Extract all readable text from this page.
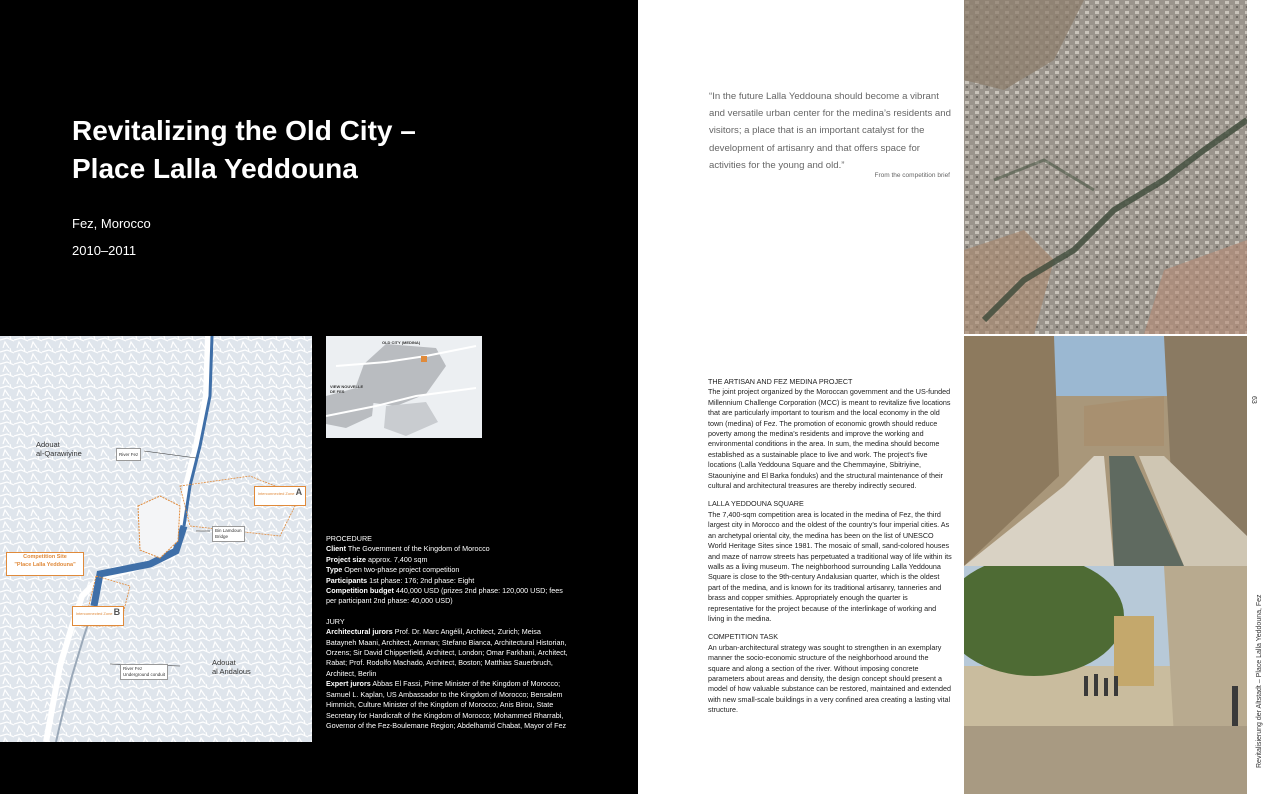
Revitalizing the Old City –
Place Lalla Yeddouna
Fez, Morocco
2010–2011
Adouat
al-Qarawiyine
Adouat
al Andalous
River Fez
Bin Lamdoun
Bridge
River Fez
Underground conduit
Interconnected Zone A
Interconnected Zone B
Competition Site
"Place Lalla Yeddouna"
OLD CITY (MEDINA)
VIEW NOUVELLE
DE FES
PROCEDURE
Client The Government of the Kingdom of Morocco
Project size approx. 7,400 sqm
Type Open two-phase project competition
Participants 1st phase: 176; 2nd phase: Eight
Competition budget 440,000 USD (prizes 2nd phase: 120,000 USD; fees per participant 2nd phase: 40,000 USD)
JURY
Architectural jurors Prof. Dr. Marc Angélil, Architect, Zurich; Meisa Batayneh Maani, Architect, Amman; Stefano Bianca, Architectural Historian, Orzens; Sir David Chipperfield, Architect, London; Omar Farkhani, Architect, Rabat; Prof. Rodolfo Machado, Architect, Boston; Matthias Sauerbruch, Architect, Berlin
Expert jurors Abbas El Fassi, Prime Minister of the Kingdom of Morocco; Samuel L. Kaplan, US Ambassador to the Kingdom of Morocco; Bensalem Himmich, Culture Minister of the Kingdom of Morocco; Anis Birou, State Secretary for Handicraft of the Kingdom of Morocco; Mohammed Rharrabi, Governor of the Fez-Boulemane Region; Abdelhamid Chabat, Mayor of Fez
“In the future Lalla Yeddouna should become a vibrant and versatile urban center for the medina’s residents and visitors; a place that is an important catalyst for the development of artisanry and that offers space for activities for the young and old.”
From the competition brief

THE ARTISAN AND FEZ MEDINA PROJECT
The joint project organized by the Moroccan government and the US-funded Millennium Challenge Corporation (MCC) is meant to revitalize five locations that are particularly important to tourism and the local economy in the old town (medina) of Fez. The promotion of economic growth should reduce poverty among the medina’s residents and improve the working and environmental conditions in the area. In sum, the medina should become established as a sustainable place to live and work. The project’s five locations (Lalla Yeddouna Square and the Chemmayine, Sbitriyine, Staouniyine and El Barka fonduks) and the structural maintenance of their cultural and architectural treasures are thereby indirectly secured.

LALLA YEDDOUNA SQUARE
The 7,400-sqm competition area is located in the medina of Fez, the third largest city in Morocco and the oldest of the country’s four imperial cities. As an archetypal oriental city, the medina has been on the list of UNESCO World Heritage Sites since 1981. The mosaic of small, sand-colored houses and maze of narrow streets has perpetuated a traditional way of life within its walls as a living museum. The neighborhood surrounding Lalla Yeddouna Square is close to the 9th-century Andalusian quarter, which is the oldest part of the medina, and is known for its traditional artisanry, tanneries and brass and copper smithies. Appropriately enough the quarter is representative for the project because of the interlinkage of working and living in the medina.

COMPETITION TASK
An urban-architectural strategy was sought to strengthen in an exemplary manner the socio-economic structure of the neighborhood around the square and along a section of the river. Without imposing concrete parameters about areas and density, the design concept should present a model of how valuable substance can be restored, maintained and extended with new small-scale buildings in a very confined area creating a lasting vital structure.

63
Revitalisierung der Altstadt – Place Lalla Yeddouna, Fez
